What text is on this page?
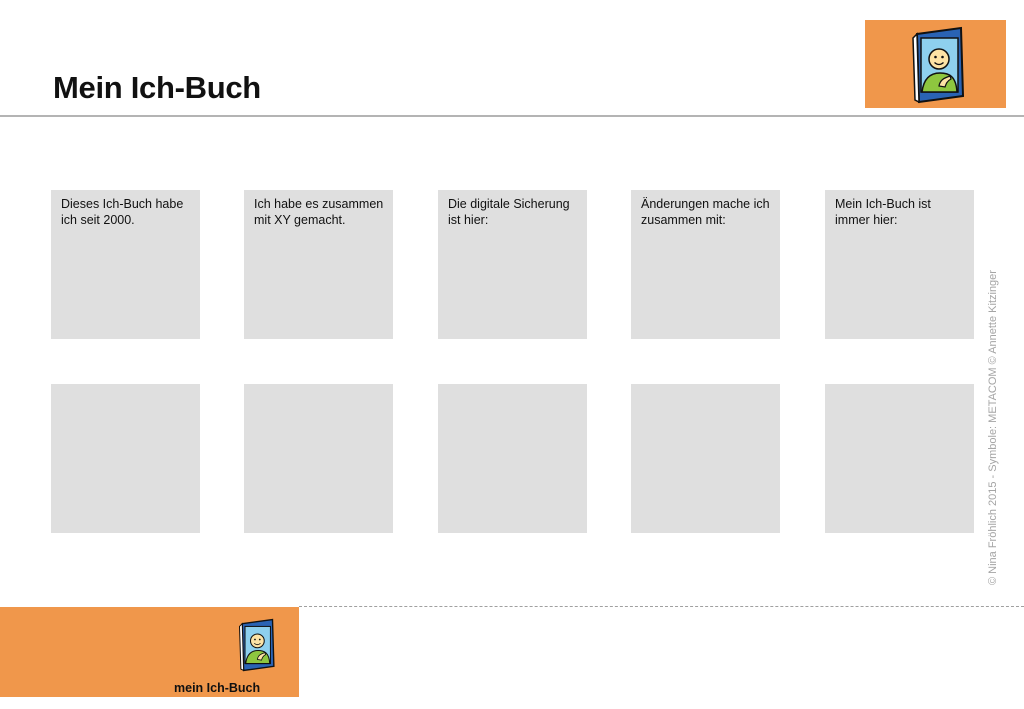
Mein Ich-Buch
Dieses Ich-Buch habe ich seit 2000.
Ich habe es zusammen mit XY gemacht.
Die digitale Sicherung ist hier:
Änderungen mache ich zusammen mit:
Mein Ich-Buch ist immer hier:
© Nina Fröhlich 2015 - Symbole: METACOM © Annette Kitzinger
mein Ich-Buch
